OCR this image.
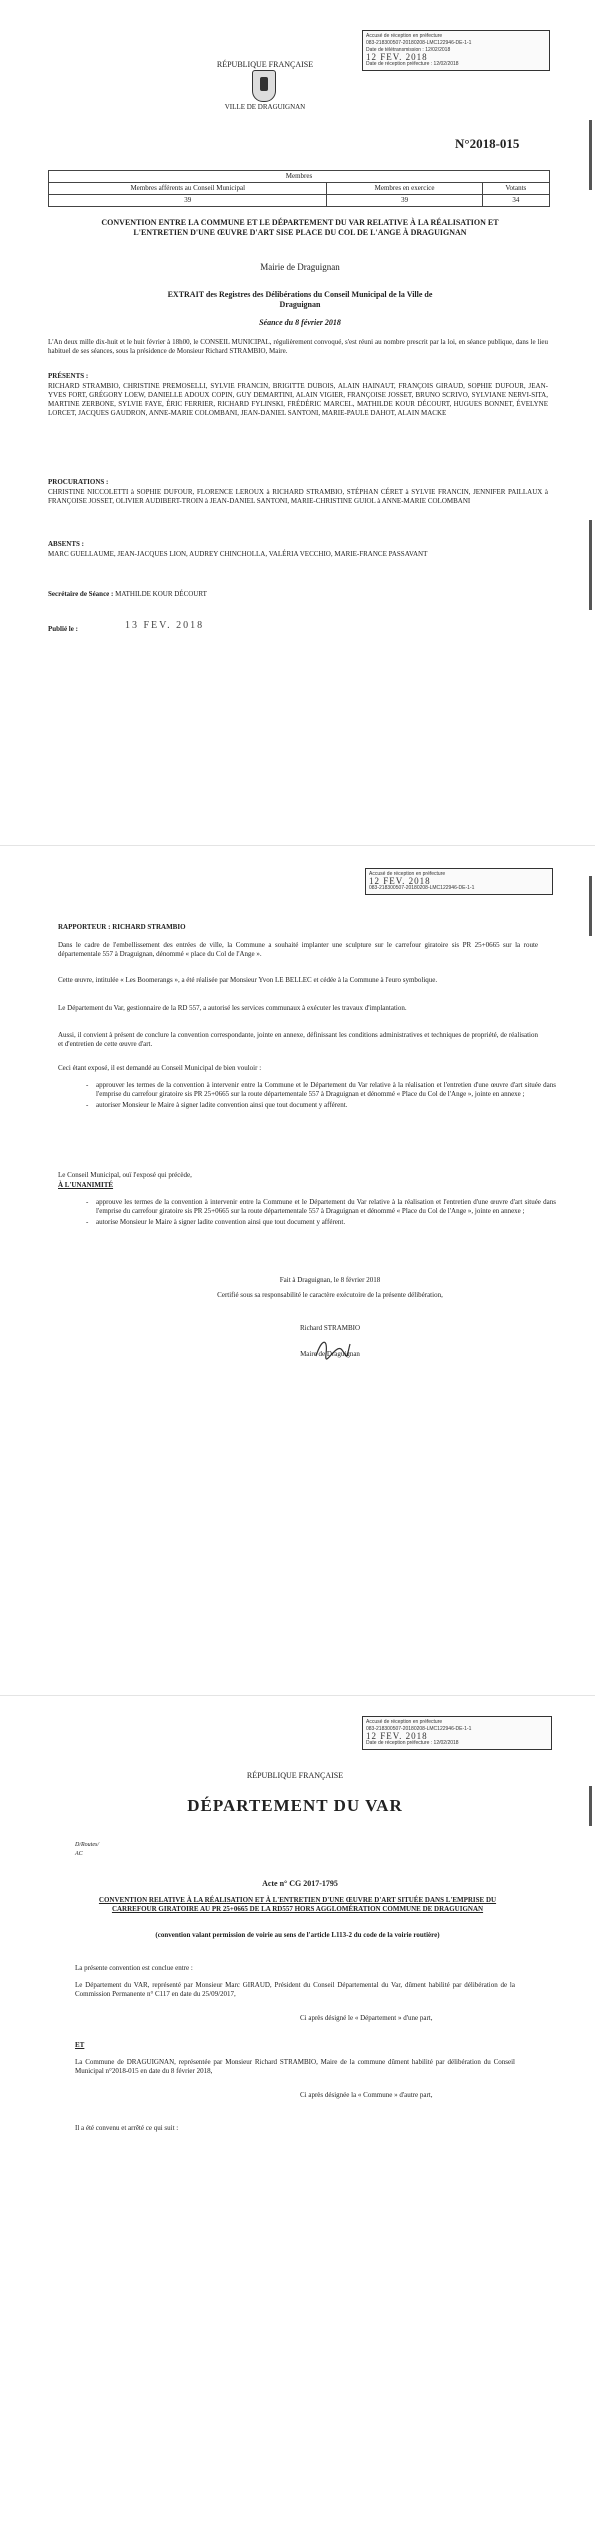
Accusé de réception en préfecture
083-218300507-20180208-LMC122946-DE-1-1
Date de télétransmission : 12/02/2018
12 FEV. 2018
Date de réception préfecture : 12/02/2018
RÉPUBLIQUE FRANÇAISE
VILLE DE DRAGUIGNAN
N°2018-015
Membres		
Membres afférents au Conseil Municipal	Membres en exercice	Votants
39	39	34
CONVENTION ENTRE LA COMMUNE ET LE DÉPARTEMENT DU VAR RELATIVE À LA RÉALISATION ET L'ENTRETIEN D'UNE ŒUVRE D'ART SISE PLACE DU COL DE L'ANGE À DRAGUIGNAN
Mairie de Draguignan
EXTRAIT des Registres des Délibérations du Conseil Municipal de la Ville de Draguignan
Séance du 8 février 2018
L'An deux mille dix-huit et le huit février à 18h00, le CONSEIL MUNICIPAL, régulièrement convoqué, s'est réuni au nombre prescrit par la loi, en séance publique, dans le lieu habituel de ses séances, sous la présidence de Monsieur Richard STRAMBIO, Maire.
PRÉSENTS :
RICHARD STRAMBIO, CHRISTINE PREMOSELLI, SYLVIE FRANCIN, BRIGITTE DUBOIS, ALAIN HAINAUT, FRANÇOIS GIRAUD, SOPHIE DUFOUR, JEAN-YVES FORT, GRÉGORY LOEW, DANIELLE ADOUX COPIN, GUY DEMARTINI, ALAIN VIGIER, FRANÇOISE JOSSET, BRUNO SCRIVO, SYLVIANE NERVI-SITA, MARTINE ZERBONE, SYLVIE FAYE, ÉRIC FERRIER, RICHARD FYLINSKI, FRÉDÉRIC MARCEL, MATHILDE KOUR DÉCOURT, HUGUES BONNET, ÉVELYNE LORCET, JACQUES GAUDRON, ANNE-MARIE COLOMBANI, JEAN-DANIEL SANTONI, MARIE-PAULE DAHOT, ALAIN MACKE
PROCURATIONS :
CHRISTINE NICCOLETTI à SOPHIE DUFOUR, FLORENCE LEROUX à RICHARD STRAMBIO, STÉPHAN CÉRET à SYLVIE FRANCIN, JENNIFER PAILLAUX à FRANÇOISE JOSSET, OLIVIER AUDIBERT-TROIN à JEAN-DANIEL SANTONI, MARIE-CHRISTINE GUIOL à ANNE-MARIE COLOMBANI
ABSENTS :
MARC GUELLAUME, JEAN-JACQUES LION, AUDREY CHINCHOLLA, VALÉRIA VECCHIO, MARIE-FRANCE PASSAVANT
Secrétaire de Séance : MATHILDE KOUR DÉCOURT
Publié le :	13 FEV. 2018
Accusé de réception en préfecture
12 FEV. 2018
083-218300507-20180208-LMC122946-DE-1-1
RAPPORTEUR : RICHARD STRAMBIO
Dans le cadre de l'embellissement des entrées de ville, la Commune a souhaité implanter une sculpture sur le carrefour giratoire sis PR 25+0665 sur la route départementale 557 à Draguignan, dénommé « place du Col de l'Ange ».
Cette œuvre, intitulée « Les Boomerangs », a été réalisée par Monsieur Yvon LE BELLEC et cédée à la Commune à l'euro symbolique.
Le Département du Var, gestionnaire de la RD 557, a autorisé les services communaux à exécuter les travaux d'implantation.
Aussi, il convient à présent de conclure la convention correspondante, jointe en annexe, définissant les conditions administratives et techniques de propriété, de réalisation et d'entretien de cette œuvre d'art.
Ceci étant exposé, il est demandé au Conseil Municipal de bien vouloir :
- approuver les termes de la convention à intervenir entre la Commune et le Département du Var relative à la réalisation et l'entretien d'une œuvre d'art située dans l'emprise du carrefour giratoire sis PR 25+0665 sur la route départementale 557 à Draguignan et dénommé « Place du Col de l'Ange », jointe en annexe ;
- autoriser Monsieur le Maire à signer ladite convention ainsi que tout document y afférent.
Le Conseil Municipal, ouï l'exposé qui précède,
À L'UNANIMITÉ
- approuve les termes de la convention à intervenir entre la Commune et le Département du Var relative à la réalisation et l'entretien d'une œuvre d'art située dans l'emprise du carrefour giratoire sis PR 25+0665 sur la route départementale 557 à Draguignan et dénommé « Place du Col de l'Ange », jointe en annexe ;
- autorise Monsieur le Maire à signer ladite convention ainsi que tout document y afférent.
Fait à Draguignan, le 8 février 2018
Certifié sous sa responsabilité le caractère exécutoire de la présente délibération,
Richard STRAMBIO
Maire de Draguignan
Accusé de réception en préfecture
083-218300507-20180208-LMC122946-DE-1-1
12 FEV. 2018
Date de réception préfecture : 12/02/2018
RÉPUBLIQUE FRANÇAISE
DÉPARTEMENT DU VAR
D/Routes/
AC
Acte n° CG 2017-1795
CONVENTION RELATIVE À LA RÉALISATION ET À L'ENTRETIEN D'UNE ŒUVRE D'ART SITUÉE DANS L'EMPRISE DU CARREFOUR GIRATOIRE AU PR 25+0665 DE LA RD557 HORS AGGLOMÉRATION COMMUNE DE DRAGUIGNAN
(convention valant permission de voirie au sens de l'article L113-2 du code de la voirie routière)
La présente convention est conclue entre :
Le Département du VAR, représenté par Monsieur Marc GIRAUD, Président du Conseil Départemental du Var, dûment habilité par délibération de la Commission Permanente n° C117 en date du 25/09/2017,
Ci après désigné le « Département » d'une part,
ET
La Commune de DRAGUIGNAN, représentée par Monsieur Richard STRAMBIO, Maire de la commune dûment habilité par délibération du Conseil Municipal n°2018-015 en date du 8 février 2018,
Ci après désignée la « Commune » d'autre part,
Il a été convenu et arrêté ce qui suit :
